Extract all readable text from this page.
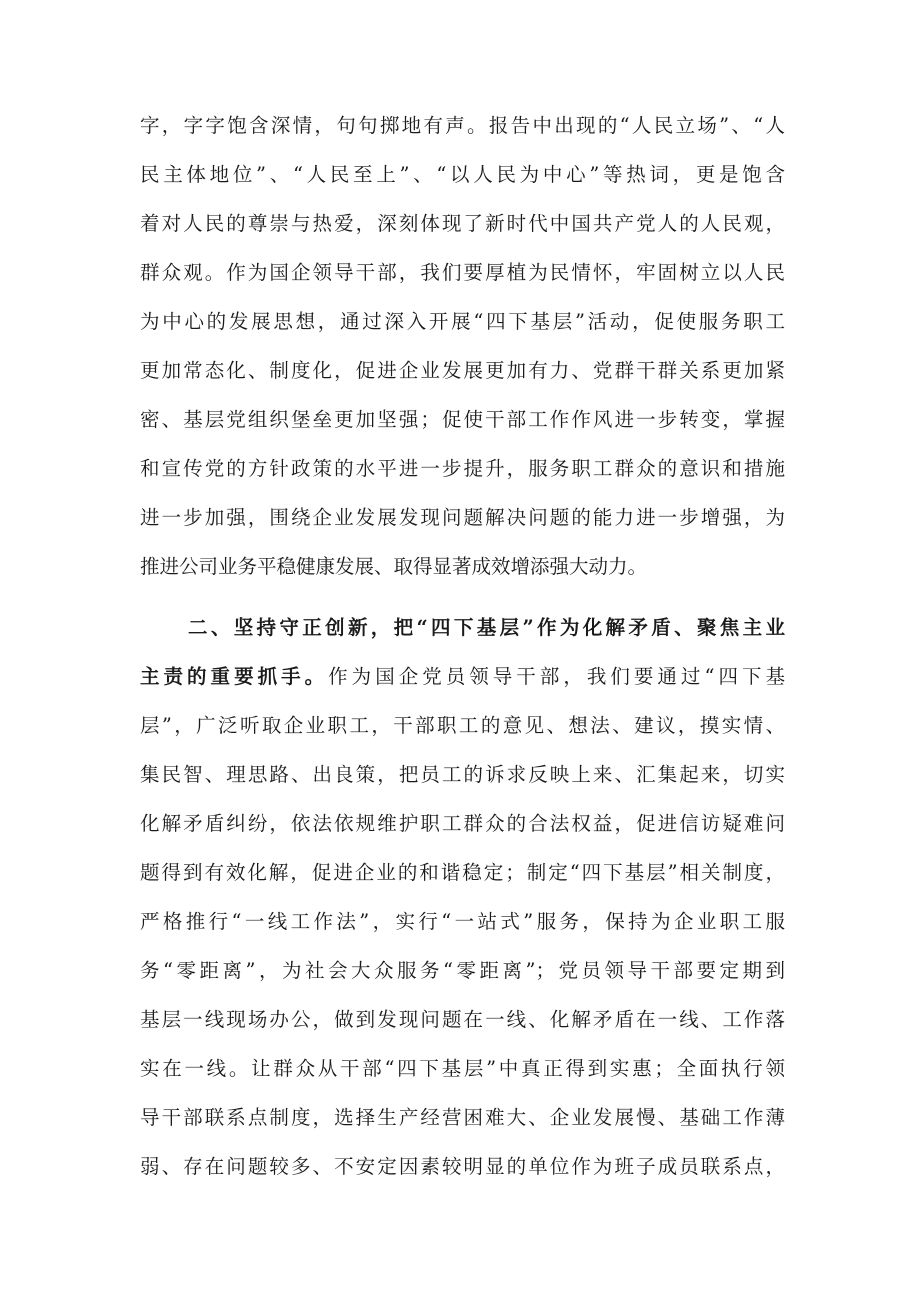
字，字字饱含深情，句句掷地有声。报告中出现的“人民立场”、“人

民主体地位”、“人民至上”、“以人民为中心”等热词，更是饱含

着对人民的尊崇与热爱，深刻体现了新时代中国共产党人的人民观，

群众观。作为国企领导干部，我们要厚植为民情怀，牢固树立以人民

为中心的发展思想，通过深入开展“四下基层”活动，促使服务职工

更加常态化、制度化，促进企业发展更加有力、党群干群关系更加紧

密、基层党组织堡垒更加坚强；促使干部工作作风进一步转变，掌握

和宣传党的方针政策的水平进一步提升，服务职工群众的意识和措施

进一步加强，围绕企业发展发现问题解决问题的能力进一步增强，为

推进公司业务平稳健康发展、取得显著成效增添强大动力。

二、坚持守正创新，把“四下基层”作为化解矛盾、聚焦主业

主责的重要抓手。作为国企党员领导干部，我们要通过“四下基

层”，广泛听取企业职工，干部职工的意见、想法、建议，摸实情、

集民智、理思路、出良策，把员工的诉求反映上来、汇集起来，切实

化解矛盾纠纷，依法依规维护职工群众的合法权益，促进信访疑难问

题得到有效化解，促进企业的和谐稳定；制定“四下基层”相关制度，

严格推行“一线工作法”，实行“一站式”服务，保持为企业职工服

务“零距离”，为社会大众服务“零距离”；党员领导干部要定期到

基层一线现场办公，做到发现问题在一线、化解矛盾在一线、工作落

实在一线。让群众从干部“四下基层”中真正得到实惠；全面执行领

导干部联系点制度，选择生产经营困难大、企业发展慢、基础工作薄

弱、存在问题较多、不安定因素较明显的单位作为班子成员联系点，
